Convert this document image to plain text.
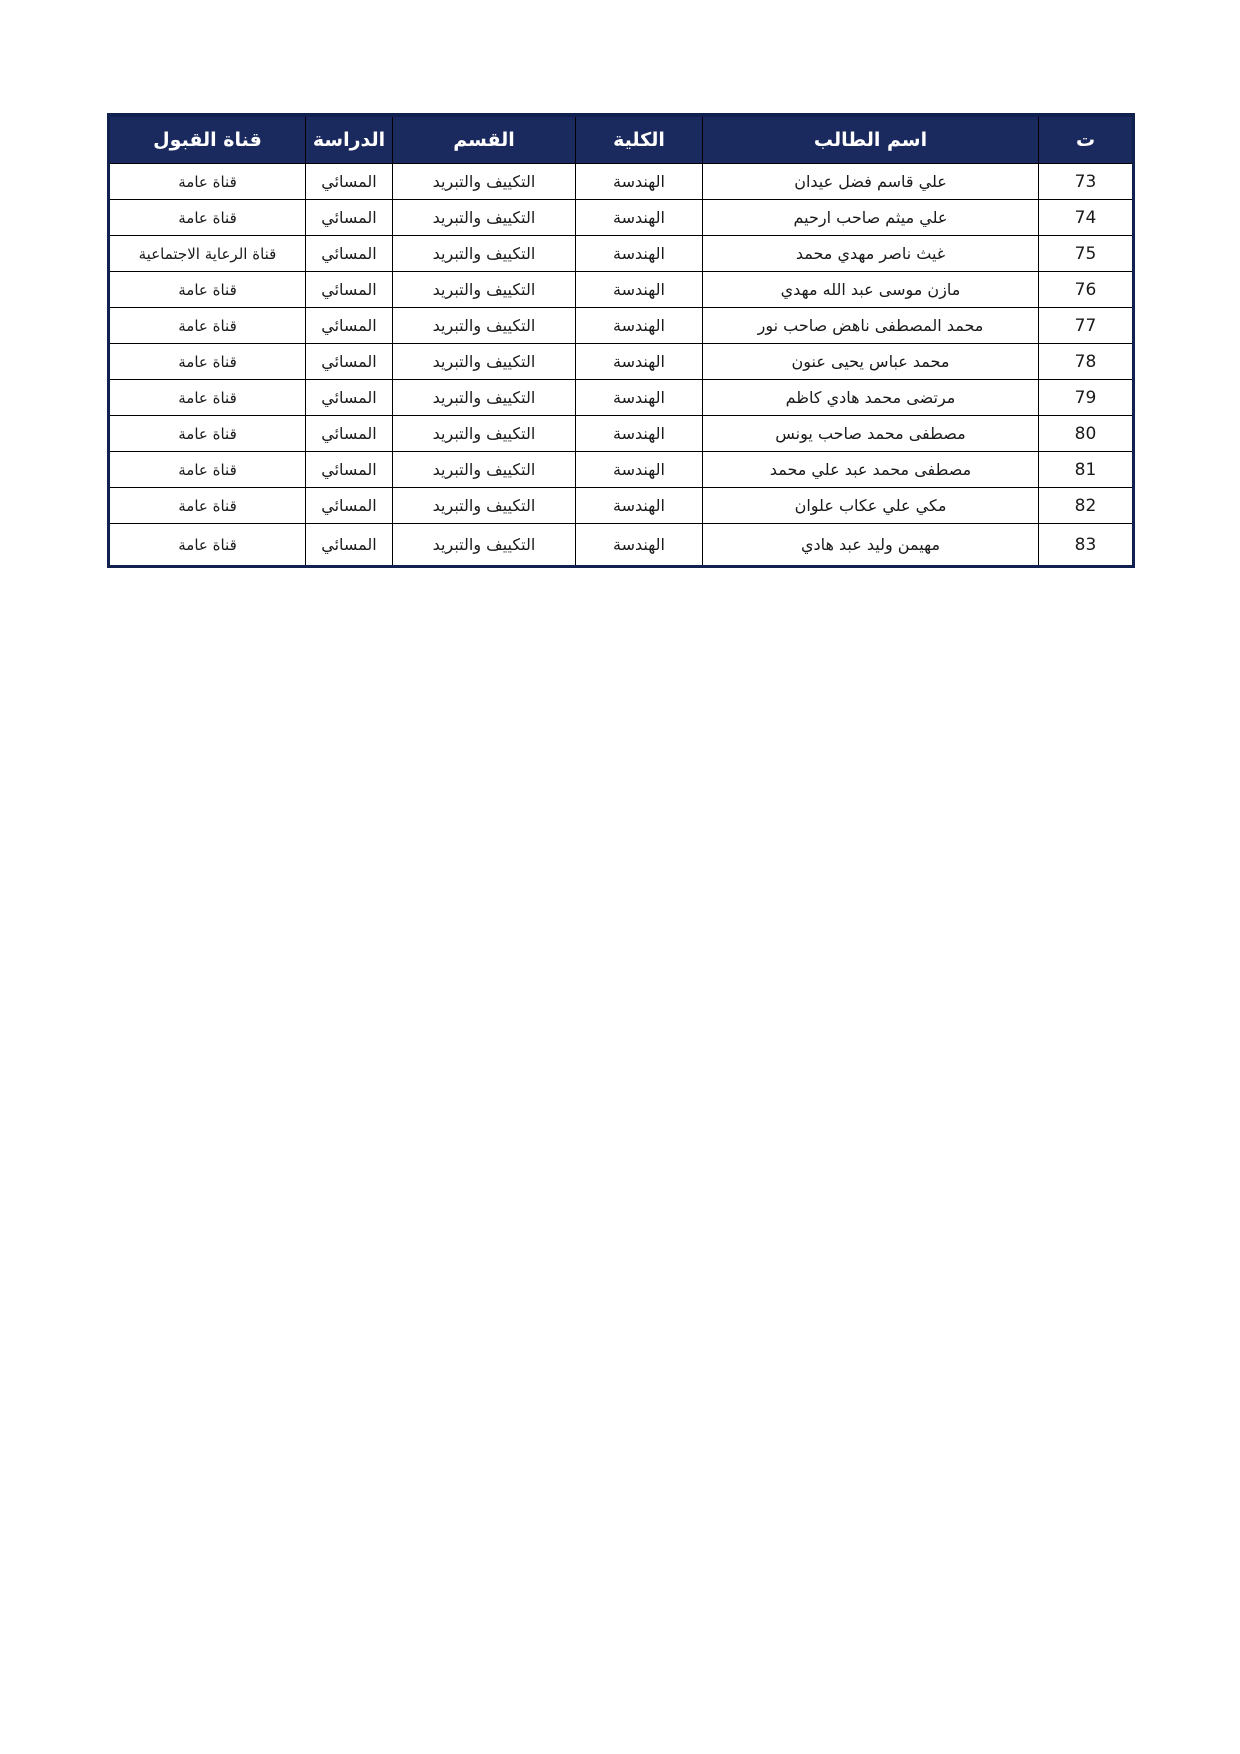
ت	اسم الطالب	الكلية	القسم	الدراسة	قناة القبول
73	علي قاسم فضل عيدان	الهندسة	التكييف والتبريد	المسائي	قناة عامة
74	علي ميثم صاحب ارحيم	الهندسة	التكييف والتبريد	المسائي	قناة عامة
75	غيث ناصر مهدي محمد	الهندسة	التكييف والتبريد	المسائي	قناة الرعاية الاجتماعية
76	مازن موسى عبد الله مهدي	الهندسة	التكييف والتبريد	المسائي	قناة عامة
77	محمد المصطفى ناهض صاحب نور	الهندسة	التكييف والتبريد	المسائي	قناة عامة
78	محمد عباس يحيى عنون	الهندسة	التكييف والتبريد	المسائي	قناة عامة
79	مرتضى محمد هادي كاظم	الهندسة	التكييف والتبريد	المسائي	قناة عامة
80	مصطفى محمد صاحب يونس	الهندسة	التكييف والتبريد	المسائي	قناة عامة
81	مصطفى محمد عبد علي محمد	الهندسة	التكييف والتبريد	المسائي	قناة عامة
82	مكي علي عكاب علوان	الهندسة	التكييف والتبريد	المسائي	قناة عامة
83	مهيمن وليد عبد هادي	الهندسة	التكييف والتبريد	المسائي	قناة عامة
